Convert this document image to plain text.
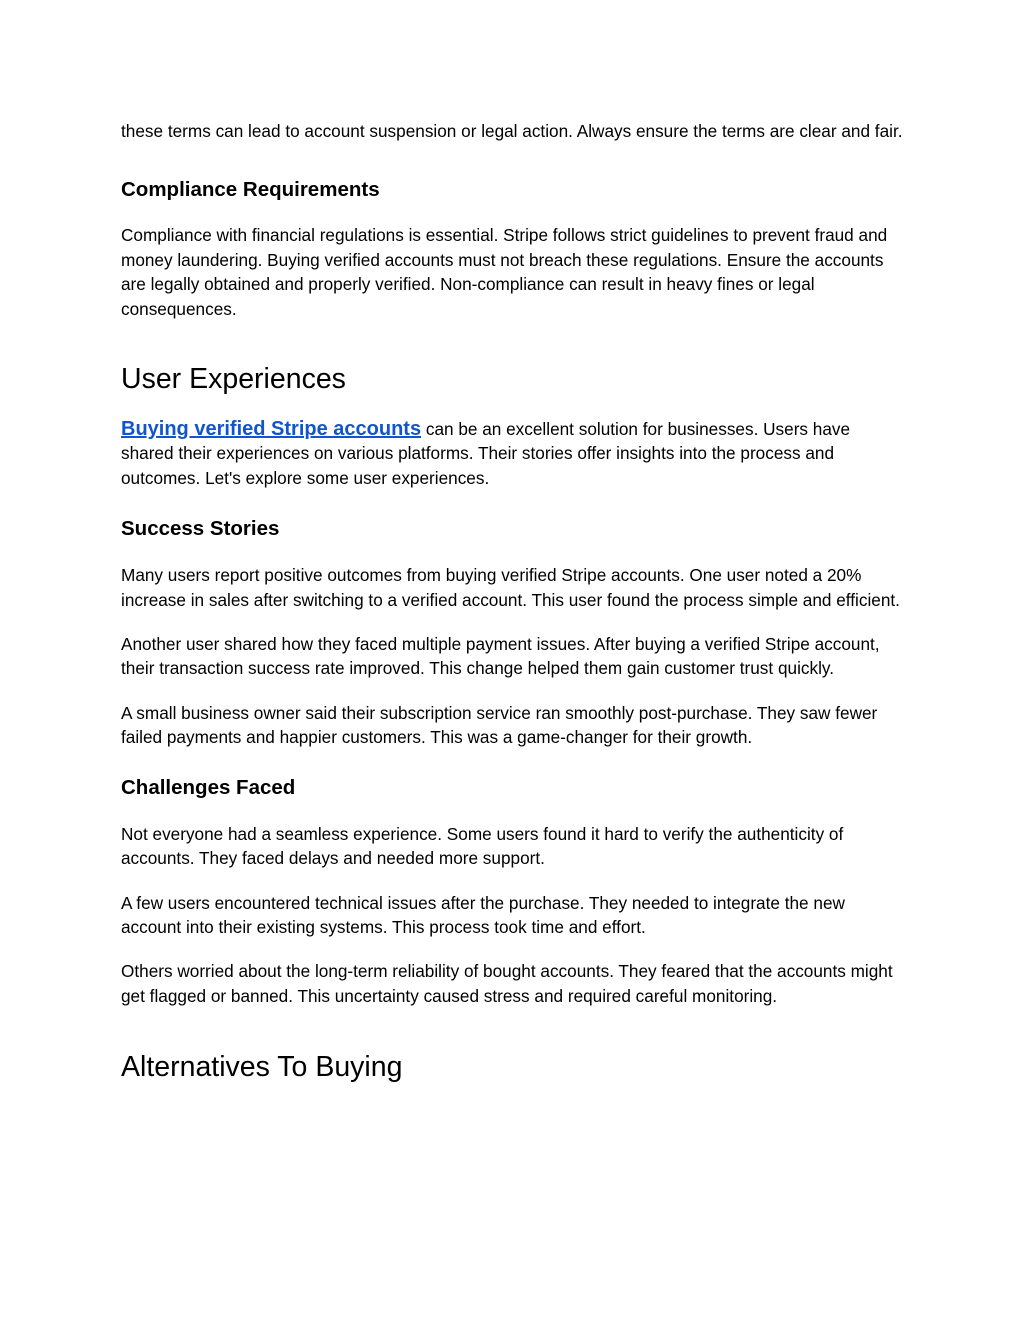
these terms can lead to account suspension or legal action. Always ensure the terms are clear and fair.

Compliance Requirements

Compliance with financial regulations is essential. Stripe follows strict guidelines to prevent fraud and money laundering. Buying verified accounts must not breach these regulations. Ensure the accounts are legally obtained and properly verified. Non-compliance can result in heavy fines or legal consequences.

User Experiences

Buying verified Stripe accounts can be an excellent solution for businesses. Users have shared their experiences on various platforms. Their stories offer insights into the process and outcomes. Let's explore some user experiences.

Success Stories

Many users report positive outcomes from buying verified Stripe accounts. One user noted a 20% increase in sales after switching to a verified account. This user found the process simple and efficient.

Another user shared how they faced multiple payment issues. After buying a verified Stripe account, their transaction success rate improved. This change helped them gain customer trust quickly.

A small business owner said their subscription service ran smoothly post-purchase. They saw fewer failed payments and happier customers. This was a game-changer for their growth.

Challenges Faced

Not everyone had a seamless experience. Some users found it hard to verify the authenticity of accounts. They faced delays and needed more support.

A few users encountered technical issues after the purchase. They needed to integrate the new account into their existing systems. This process took time and effort.

Others worried about the long-term reliability of bought accounts. They feared that the accounts might get flagged or banned. This uncertainty caused stress and required careful monitoring.

Alternatives To Buying
